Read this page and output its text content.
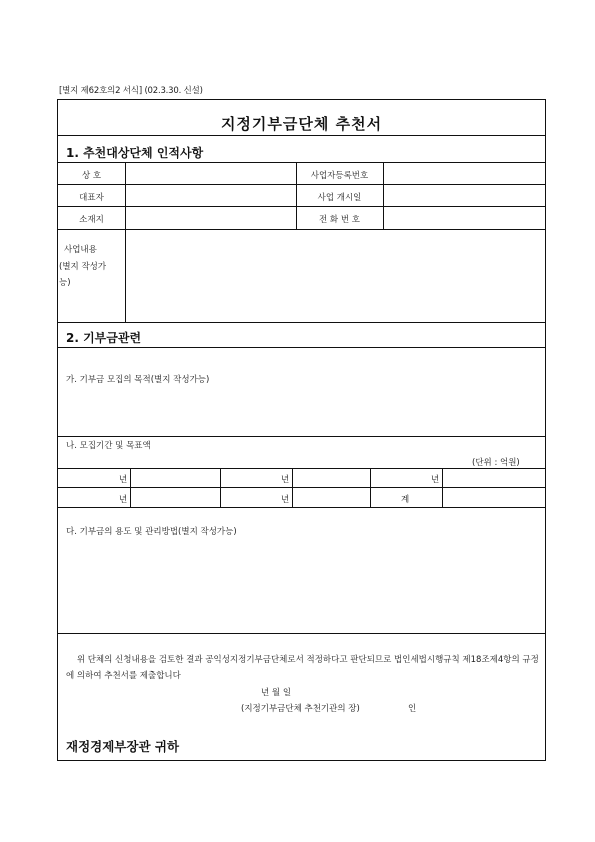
[별지 제62호의2 서식] (02.3.30. 신설)
지정기부금단체 추천서
1. 추천대상단체 인적사항
상 호	사업자등록번호
대표자	사업 개시일
소재지	전 화 번 호
사업내용
(별지 작성가
능)
2. 기부금관련
가. 기부금 모집의 목적(별지 작성가능)
나. 모집기간 및 목표액
(단위 : 억원)
년	년	년
년	년	계
다. 기부금의 용도 및 관리방법(별지 작성가능)
위 단체의 신청내용을 검토한 결과 공익성지정기부금단체로서 적정하다고 판단되므로 법인세법시행규칙 제18조제4항의 규정에 의하여 추천서를 제출합니다
년 월 일
(지정기부금단체 추천기관의 장)	인
재정경제부장관 귀하
